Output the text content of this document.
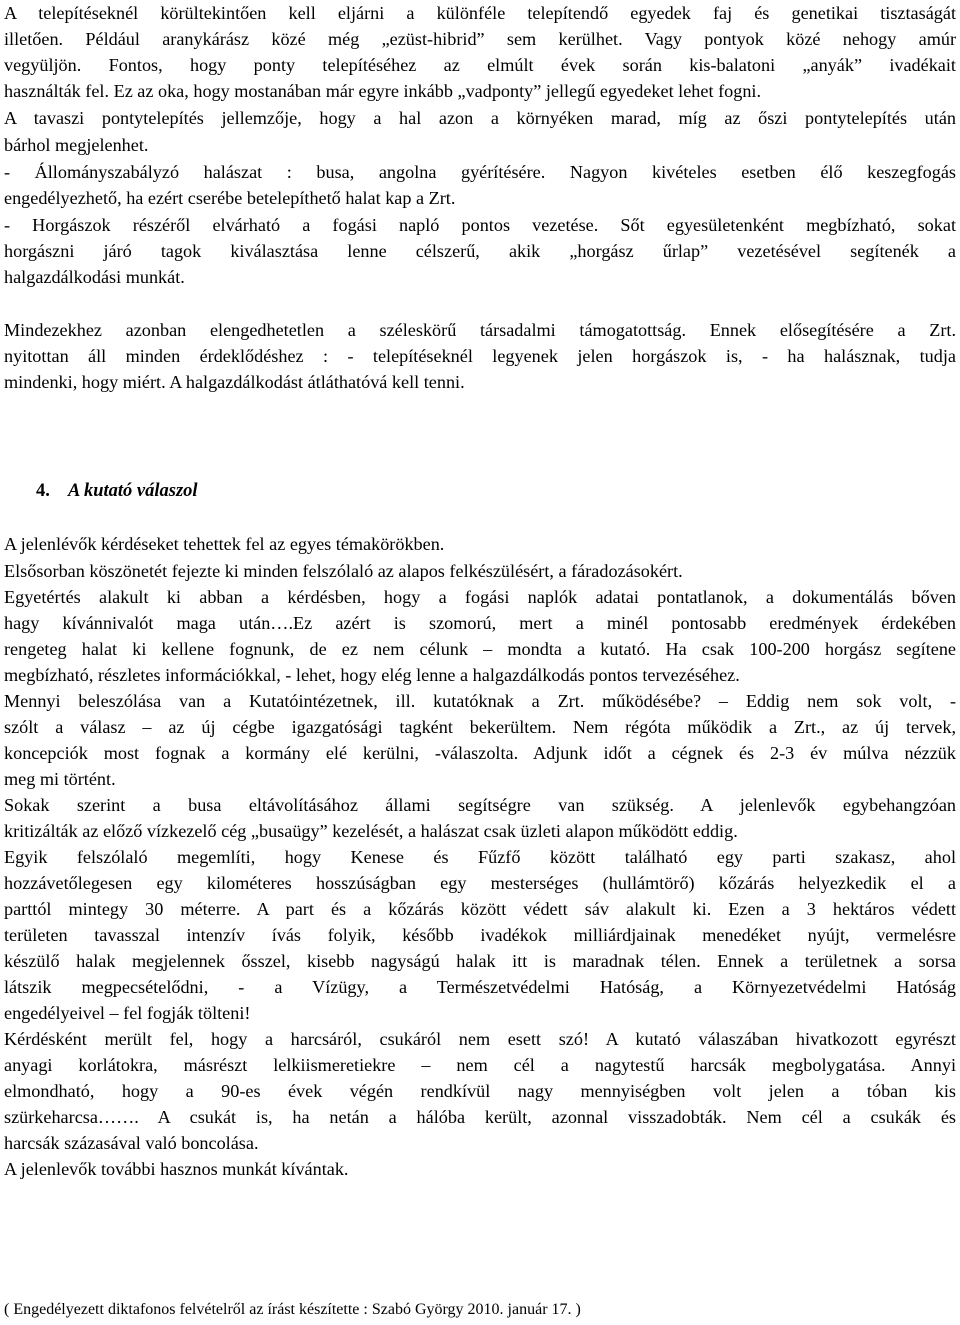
A telepítéseknél körültekintően kell eljárni a különféle telepítendő egyedek faj és genetikai tisztaságát
illetően. Például aranykárász közé még „ezüst-hibrid” sem kerülhet. Vagy pontyok közé nehogy amúr
vegyüljön. Fontos, hogy ponty telepítéséhez az elmúlt évek során kis-balatoni „anyák” ivadékait
használták fel. Ez az oka, hogy mostanában már egyre inkább „vadponty” jellegű egyedeket lehet fogni.
A tavaszi pontytelepítés jellemzője, hogy a hal azon a környéken marad, míg az őszi pontytelepítés után
bárhol megjelenhet.
- Állományszabályzó halászat : busa, angolna gyérítésére. Nagyon kivételes esetben élő keszegfogás
engedélyezhető, ha ezért cserébe betelepíthető halat kap a Zrt.
- Horgászok részéről elvárható a fogási napló pontos vezetése. Sőt egyesületenként megbízható, sokat
horgászni járó tagok kiválasztása lenne célszerű, akik „horgász űrlap” vezetésével segítenék a
halgazdálkodási munkát.
Mindezekhez azonban elengedhetetlen a széleskörű társadalmi támogatottság. Ennek elősegítésére a Zrt.
nyitottan áll minden érdeklődéshez : - telepítéseknél legyenek jelen horgászok is, - ha halásznak, tudja
mindenki, hogy miért. A halgazdálkodást átláthatóvá kell tenni.
4. A kutató válaszol
A jelenlévők kérdéseket tehettek fel az egyes témakörökben.
Elsősorban köszönetét fejezte ki minden felszólaló az alapos felkészülésért, a fáradozásokért.
Egyetértés alakult ki abban a kérdésben, hogy a fogási naplók adatai pontatlanok, a dokumentálás bőven
hagy kívánnivalót maga után….Ez azért is szomorú, mert a minél pontosabb eredmények érdekében
rengeteg halat ki kellene fognunk, de ez nem célunk – mondta a kutató. Ha csak 100-200 horgász segítene
megbízható, részletes információkkal, - lehet, hogy elég lenne a halgazdálkodás pontos tervezéséhez.
Mennyi beleszólása van a Kutatóintézetnek, ill. kutatóknak a Zrt. működésébe? – Eddig nem sok volt, -
szólt a válasz – az új cégbe igazgatósági tagként bekerültem. Nem régóta működik a Zrt., az új tervek,
koncepciók most fognak a kormány elé kerülni, -válaszolta. Adjunk időt a cégnek és 2-3 év múlva nézzük
meg mi történt.
Sokak szerint a busa eltávolításához állami segítségre van szükség. A jelenlevők egybehangzóan
kritizálták az előző vízkezelő cég „busaügy” kezelését, a halászat csak üzleti alapon működött eddig.
Egyik felszólaló megemlíti, hogy Kenese és Fűzfő között található egy parti szakasz, ahol
hozzávetőlegesen egy kilométeres hosszúságban egy mesterséges (hullámtörő) kőzárás helyezkedik el a
parttól mintegy 30 méterre. A part és a kőzárás között védett sáv alakult ki. Ezen a 3 hektáros védett
területen tavasszal intenzív ívás folyik, később ivadékok milliárdjainak menedéket nyújt, vermelésre
készülő halak megjelennek ősszel, kisebb nagyságú halak itt is maradnak télen. Ennek a területnek a sorsa
látszik megpecsételődni, - a Vízügy, a Természetvédelmi Hatóság, a Környezetvédelmi Hatóság
engedélyeivel – fel fogják tölteni!
Kérdésként merült fel, hogy a harcsáról, csukáról nem esett szó! A kutató válaszában hivatkozott egyrészt
anyagi korlátokra, másrészt lelkiismeretiekre – nem cél a nagytestű harcsák megbolygatása. Annyi
elmondható, hogy a 90-es évek végén rendkívül nagy mennyiségben volt jelen a tóban kis
szürkeharcsa……. A csukát is, ha netán a hálóba került, azonnal visszadobták. Nem cél a csukák és
harcsák százasával való boncolása.
A jelenlevők további hasznos munkát kívántak.
( Engedélyezett diktafonos felvételről az írást készítette : Szabó György 2010. január 17. )
